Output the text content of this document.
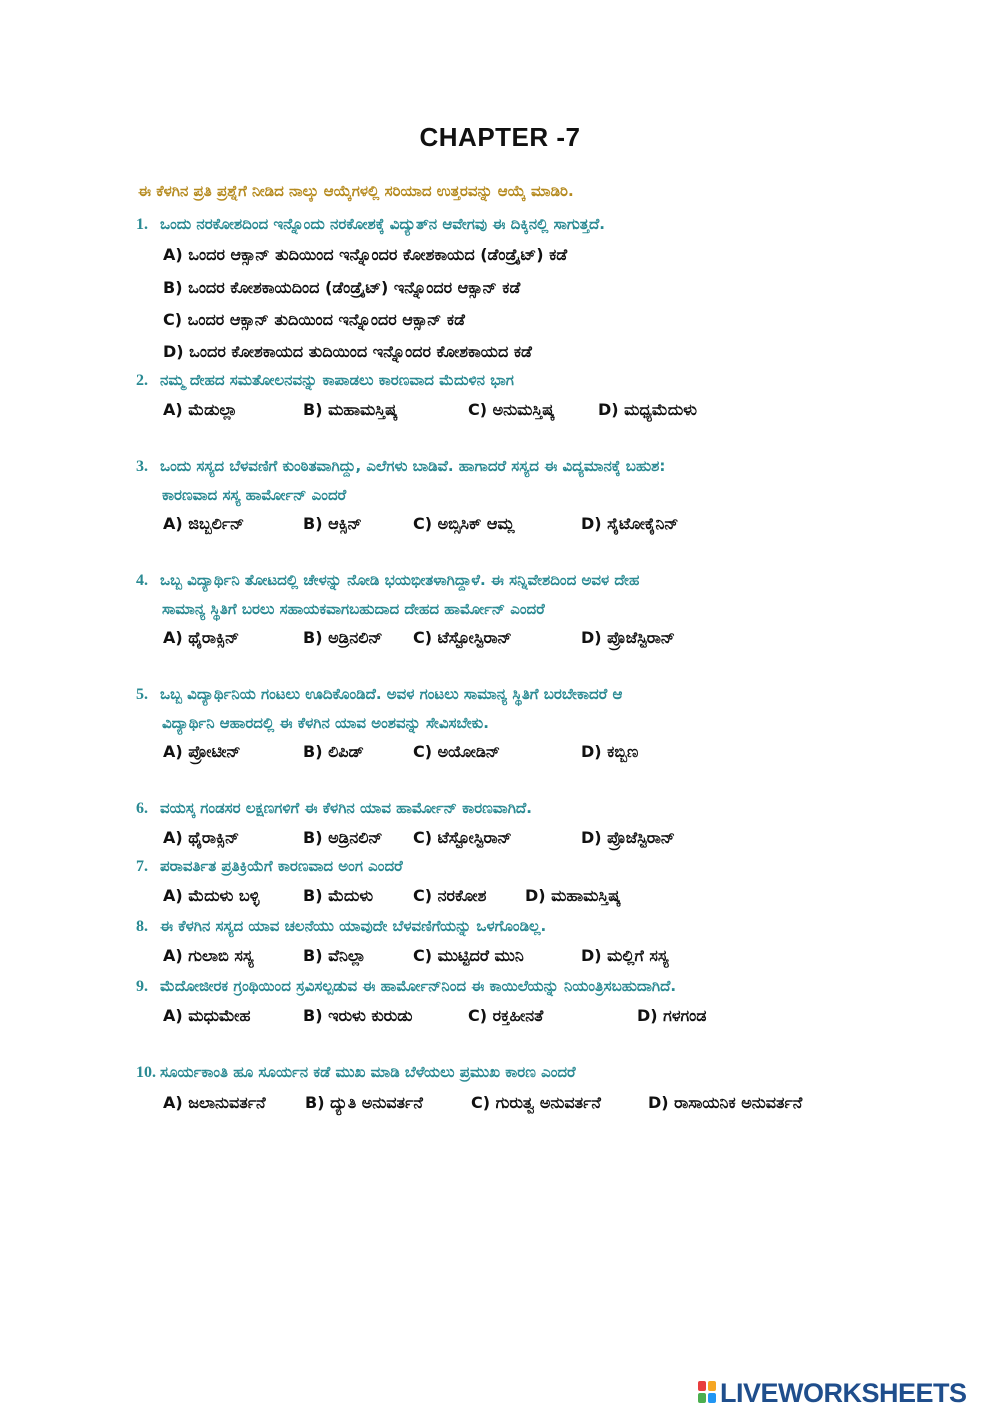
CHAPTER -7
ಈ ಕೆಳಗಿನ ಪ್ರತಿ ಪ್ರಶ್ನೆಗೆ ನೀಡಿದ ನಾಲ್ಕು ಆಯ್ಕೆಗಳಲ್ಲಿ ಸರಿಯಾದ ಉತ್ತರವನ್ನು ಆಯ್ಕೆ ಮಾಡಿರಿ.
1. ಒಂದು ನರಕೋಶದಿಂದ ಇನ್ನೊಂದು ನರಕೋಶಕ್ಕೆ ವಿದ್ಯುತ್‌ನ ಆವೇಗವು ಈ ದಿಕ್ಕಿನಲ್ಲಿ ಸಾಗುತ್ತದೆ.
A) ಒಂದರ ಆಕ್ಸಾನ್ ತುದಿಯಿಂದ ಇನ್ನೊಂದರ ಕೋಶಕಾಯದ (ಡೆಂಡ್ರೈಟ್) ಕಡೆ
B) ಒಂದರ ಕೋಶಕಾಯದಿಂದ (ಡೆಂಡ್ರೈಟ್) ಇನ್ನೊಂದರ ಆಕ್ಸಾನ್ ಕಡೆ
C) ಒಂದರ ಆಕ್ಸಾನ್ ತುದಿಯಿಂದ ಇನ್ನೊಂದರ ಆಕ್ಸಾನ್ ಕಡೆ
D) ಒಂದರ ಕೋಶಕಾಯದ ತುದಿಯಿಂದ ಇನ್ನೊಂದರ ಕೋಶಕಾಯದ ಕಡೆ
2. ನಮ್ಮ ದೇಹದ ಸಮತೋಲನವನ್ನು ಕಾಪಾಡಲು ಕಾರಣವಾದ ಮೆದುಳಿನ ಭಾಗ
A) ಮೆಡುಲ್ಲಾ	B) ಮಹಾಮಸ್ತಿಷ್ಕ	C) ಅನುಮಸ್ತಿಷ್ಕ	D) ಮಧ್ಯಮೆದುಳು
3. ಒಂದು ಸಸ್ಯದ ಬೆಳವಣಿಗೆ ಕುಂಠಿತವಾಗಿದ್ದು, ಎಲೆಗಳು ಬಾಡಿವೆ. ಹಾಗಾದರೆ ಸಸ್ಯದ ಈ ವಿದ್ಯಮಾನಕ್ಕೆ ಬಹುಶ:
ಕಾರಣವಾದ ಸಸ್ಯ ಹಾರ್ಮೋನ್ ಎಂದರೆ
A) ಜಿಬ್ಬರ್ಲಿನ್	B) ಆಕ್ಸಿನ್	C) ಅಬ್ಸಿಸಿಕ್ ಆಮ್ಲ	D) ಸೈಟೋಕೈನಿನ್
4. ಒಬ್ಬ ವಿದ್ಯಾರ್ಥಿನಿ ತೋಟದಲ್ಲಿ ಚೇಳನ್ನು ನೋಡಿ ಭಯಭೀತಳಾಗಿದ್ದಾಳೆ. ಈ ಸನ್ನಿವೇಶದಿಂದ ಅವಳ ದೇಹ
ಸಾಮಾನ್ಯ ಸ್ಥಿತಿಗೆ ಬರಲು ಸಹಾಯಕವಾಗಬಹುದಾದ ದೇಹದ ಹಾರ್ಮೋನ್ ಎಂದರೆ
A) ಥೈರಾಕ್ಸಿನ್	B) ಅಡ್ರಿನಲಿನ್ C) ಟೆಸ್ಟೋಸ್ಟಿರಾನ್	D) ಪ್ರೊಜೆಸ್ಟಿರಾನ್
5. ಒಬ್ಬ ವಿದ್ಯಾರ್ಥಿನಿಯ ಗಂಟಲು ಊದಿಕೊಂಡಿದೆ. ಅವಳ ಗಂಟಲು ಸಾಮಾನ್ಯ ಸ್ಥಿತಿಗೆ ಬರಬೇಕಾದರೆ ಆ
ವಿದ್ಯಾರ್ಥಿನಿ ಆಹಾರದಲ್ಲಿ ಈ ಕೆಳಗಿನ ಯಾವ ಅಂಶವನ್ನು ಸೇವಿಸಬೇಕು.
A) ಪ್ರೋಟೀನ್	B) ಲಿಪಿಡ್	C) ಅಯೋಡಿನ್	D) ಕಬ್ಬಿಣ
6. ವಯಸ್ಕ ಗಂಡಸರ ಲಕ್ಷಣಗಳಿಗೆ ಈ ಕೆಳಗಿನ ಯಾವ ಹಾರ್ಮೋನ್ ಕಾರಣವಾಗಿದೆ.
A) ಥೈರಾಕ್ಸಿನ್	B) ಅಡ್ರಿನಲಿನ್ C) ಟೆಸ್ಟೋಸ್ಟಿರಾನ್	D) ಪ್ರೊಜೆಸ್ಟಿರಾನ್
7. ಪರಾವರ್ತಿತ ಪ್ರತಿಕ್ರಿಯೆಗೆ ಕಾರಣವಾದ ಅಂಗ ಎಂದರೆ
A) ಮೆದುಳು ಬಳ್ಳಿ	B) ಮೆದುಳು C) ನರಕೋಶ D) ಮಹಾಮಸ್ತಿಷ್ಕ
8. ಈ ಕೆಳಗಿನ ಸಸ್ಯದ ಯಾವ ಚಲನೆಯು ಯಾವುದೇ ಬೆಳವಣಿಗೆಯನ್ನು ಒಳಗೊಂಡಿಲ್ಲ.
A) ಗುಲಾಬಿ ಸಸ್ಯ	B) ವೆನಿಲ್ಲಾ	C) ಮುಟ್ಟಿದರೆ ಮುನಿ	D) ಮಲ್ಲಿಗೆ ಸಸ್ಯ
9. ಮೆದೋಜೀರಕ ಗ್ರಂಥಿಯಿಂದ ಸ್ರವಿಸಲ್ಪಡುವ ಈ ಹಾರ್ಮೋನ್‌ನಿಂದ ಈ ಕಾಯಿಲೆಯನ್ನು ನಿಯಂತ್ರಿಸಬಹುದಾಗಿದೆ.
A) ಮಧುಮೇಹ	B) ಇರುಳು ಕುರುಡು	C) ರಕ್ತಹೀನತೆ	D) ಗಳಗಂಡ
10. ಸೂರ್ಯಕಾಂತಿ ಹೂ ಸೂರ್ಯನ ಕಡೆ ಮುಖ ಮಾಡಿ ಬೆಳೆಯಲು ಪ್ರಮುಖ ಕಾರಣ ಎಂದರೆ
A) ಜಲಾನುವರ್ತನೆ B) ದ್ಯುತಿ ಅನುವರ್ತನೆ	C) ಗುರುತ್ವ ಅನುವರ್ತನೆ	D) ರಾಸಾಯನಿಕ ಅನುವರ್ತನೆ
LIVEWORKSHEETS
